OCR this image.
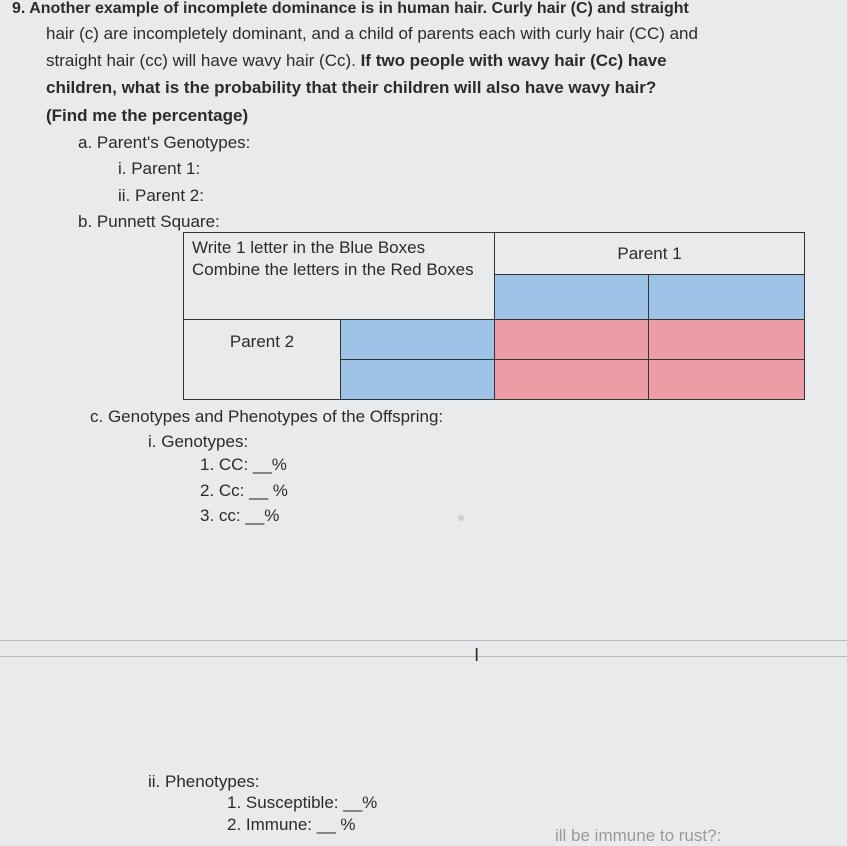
9. Another example of incomplete dominance is in human hair. Curly hair (C) and straight
hair (c) are incompletely dominant, and a child of parents each with curly hair (CC) and
straight hair (cc) will have wavy hair (Cc). If two people with wavy hair (Cc) have
children, what is the probability that their children will also have wavy hair?
(Find me the percentage)
a. Parent's Genotypes:
i. Parent 1:
ii. Parent 2:
b. Punnett Square:
Write 1 letter in the Blue Boxes
Combine the letters in the Red Boxes		Parent 1	

Parent 2			

c. Genotypes and Phenotypes of the Offspring:
i. Genotypes:
1. CC: __%
2. Cc: __ %
3. cc: __%
I
ii. Phenotypes:
1. Susceptible: __%
2. Immune: __ %
ill be immune to rust?:
